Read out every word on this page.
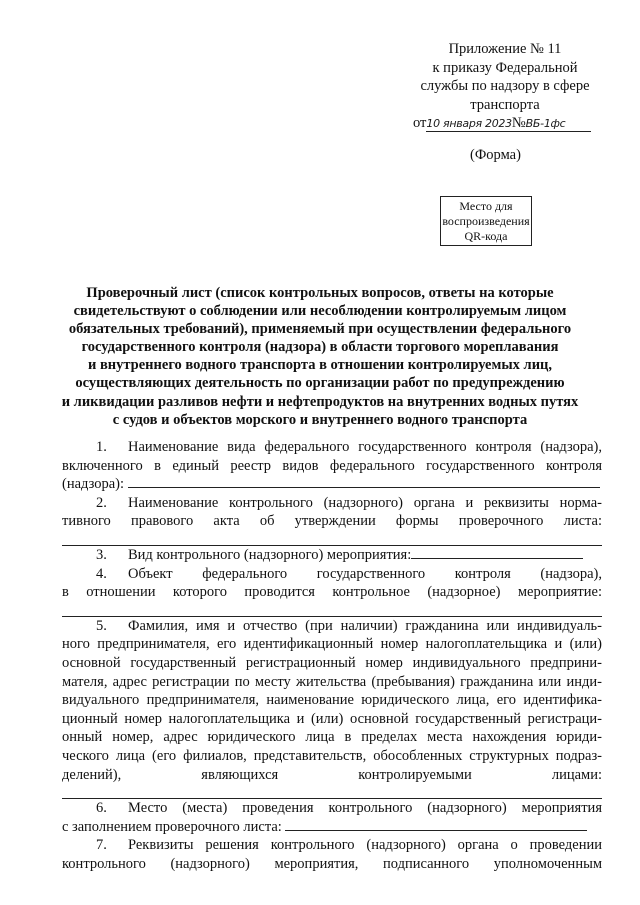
Приложение № 11
к приказу Федеральной
службы по надзору в сфере
транспорта
от10 января 2023№ВБ-1фс
(Форма)
Место для
воспроизведения
QR-кода
Проверочный лист (список контрольных вопросов, ответы на которые
свидетельствуют о соблюдении или несоблюдении контролируемым лицом
обязательных требований), применяемый при осуществлении федерального
государственного контроля (надзора) в области торгового мореплавания
и внутреннего водного транспорта в отношении контролируемых лиц,
осуществляющих деятельность по организации работ по предупреждению
и ликвидации разливов нефти и нефтепродуктов на внутренних водных путях
с судов и объектов морского и внутреннего водного транспорта
1. Наименование вида федерального государственного контроля (надзора),
включенного в единый реестр видов федерального государственного контроля
(надзора):
2. Наименование контрольного (надзорного) органа и реквизиты норма-
тивного правового акта об утверждении формы проверочного листа:
3. Вид контрольного (надзорного) мероприятия:
4. Объект федерального государственного контроля (надзора),
в отношении которого проводится контрольное (надзорное) мероприятие:
5. Фамилия, имя и отчество (при наличии) гражданина или индивидуаль-
ного предпринимателя, его идентификационный номер налогоплательщика и (или)
основной государственный регистрационный номер индивидуального предприни-
мателя, адрес регистрации по месту жительства (пребывания) гражданина или инди-
видуального предпринимателя, наименование юридического лица, его идентифика-
ционный номер налогоплательщика и (или) основной государственный регистраци-
онный номер, адрес юридического лица в пределах места нахождения юриди-
ческого лица (его филиалов, представительств, обособленных структурных подраз-
делений), являющихся контролируемыми лицами:
6. Место (места) проведения контрольного (надзорного) мероприятия
с заполнением проверочного листа:
7. Реквизиты решения контрольного (надзорного) органа о проведении
контрольного (надзорного) мероприятия, подписанного уполномоченным
